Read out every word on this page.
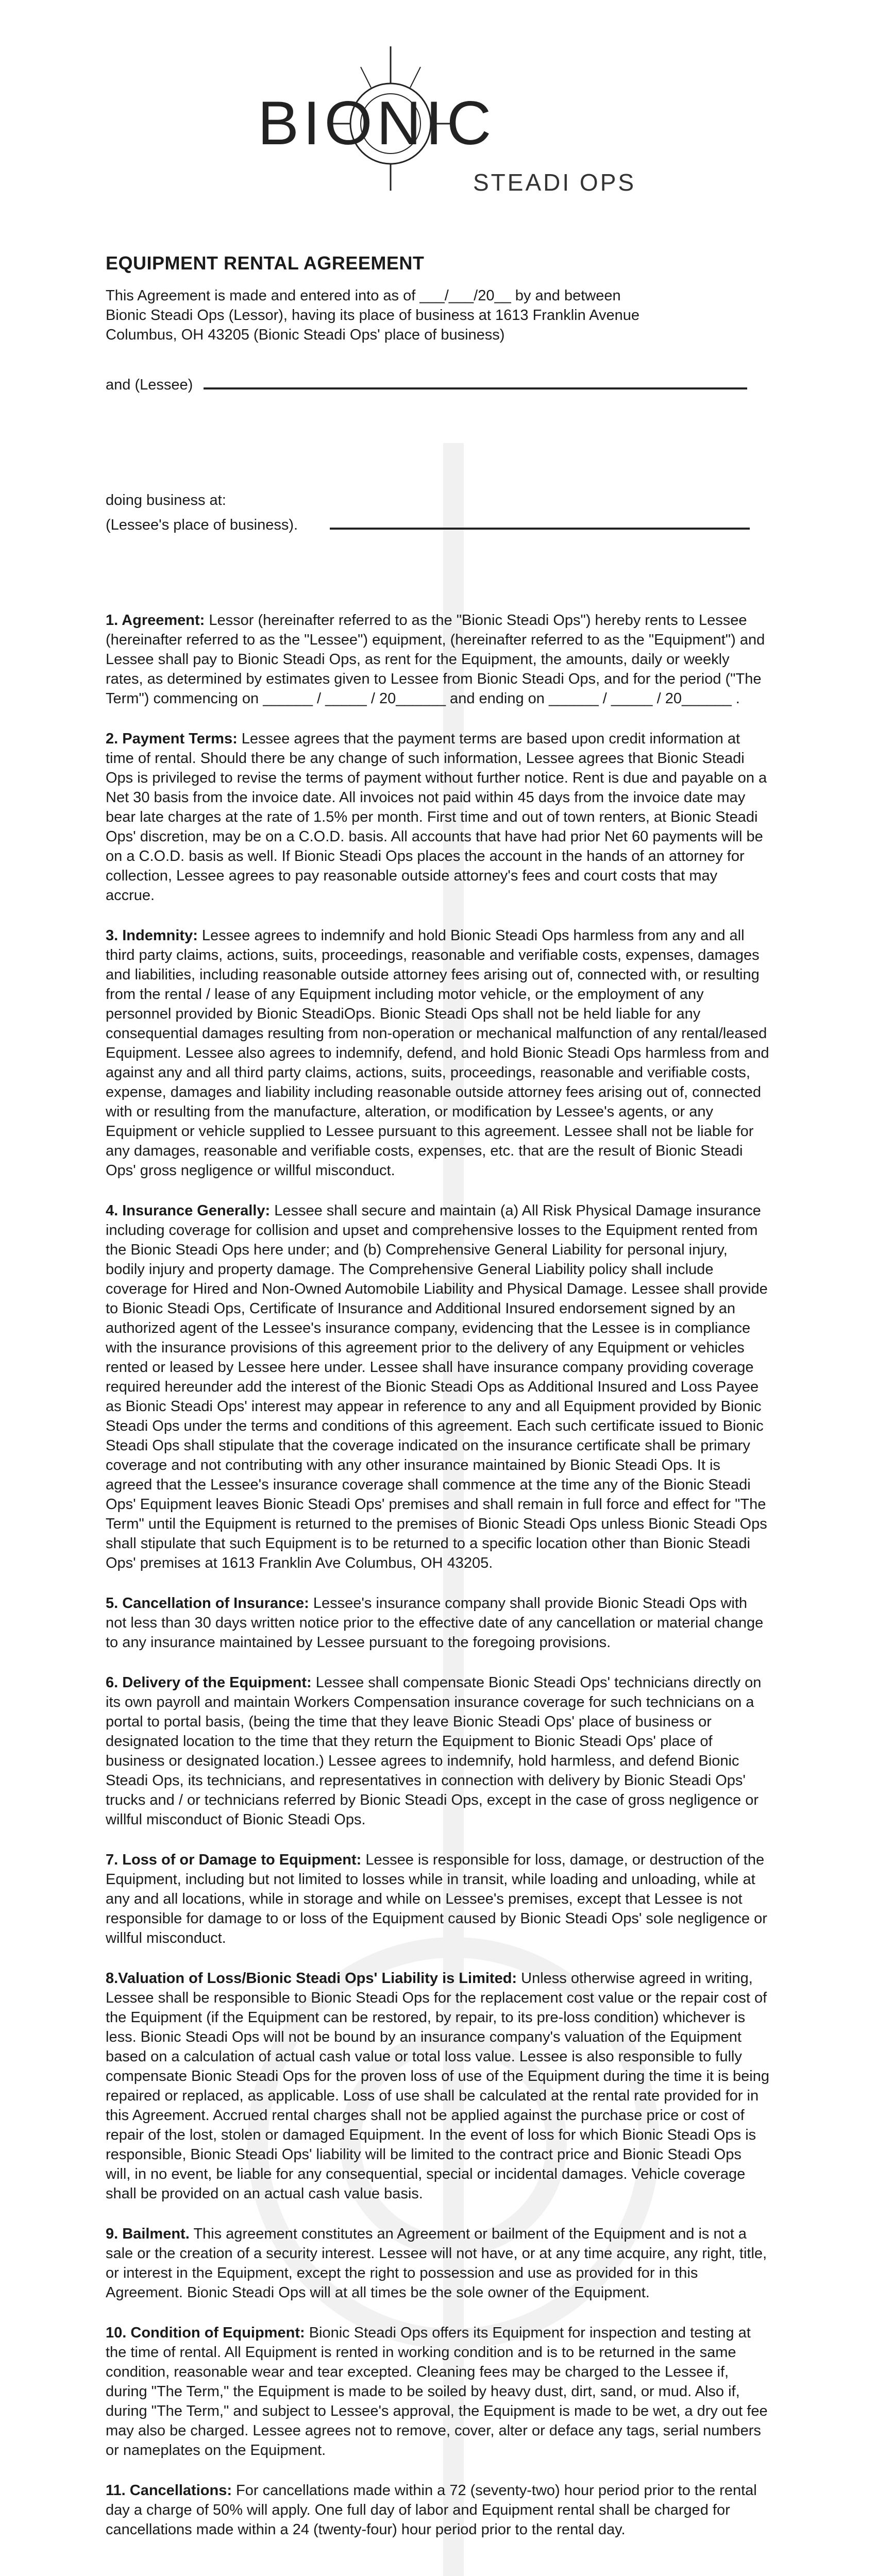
BIONIC
STEADI OPS
EQUIPMENT RENTAL AGREEMENT

This Agreement is made and entered into as of ___/___/20__ by and between

Bionic Steadi Ops (Lessor), having its place of business at 1613 Franklin Avenue

Columbus, OH 43205 (Bionic Steadi Ops' place of business)

and (Lessee)
doing business at:
(Lessee's place of business).

1. Agreement: Lessor (hereinafter referred to as the "Bionic Steadi Ops") hereby rents to Lessee (hereinafter referred to as the "Lessee") equipment, (hereinafter referred to as the "Equipment") and Lessee shall pay to Bionic Steadi Ops, as rent for the Equipment, the amounts, daily or weekly rates, as determined by estimates given to Lessee from Bionic Steadi Ops, and for the period ("The Term") commencing on ______ / _____ / 20______ and ending on ______ / _____ / 20______ .

2. Payment Terms: Lessee agrees that the payment terms are based upon credit information at time of rental. Should there be any change of such information, Lessee agrees that Bionic Steadi Ops is privileged to revise the terms of payment without further notice. Rent is due and payable on a Net 30 basis from the invoice date. All invoices not paid within 45 days from the invoice date may bear late charges at the rate of 1.5% per month. First time and out of town renters, at Bionic Steadi Ops' discretion, may be on a C.O.D. basis. All accounts that have had prior Net 60 payments will be on a C.O.D. basis as well. If Bionic Steadi Ops places the account in the hands of an attorney for collection, Lessee agrees to pay reasonable outside attorney's fees and court costs that may accrue.

3. Indemnity: Lessee agrees to indemnify and hold Bionic Steadi Ops harmless from any and all third party claims, actions, suits, proceedings, reasonable and verifiable costs, expenses, damages and liabilities, including reasonable outside attorney fees arising out of, connected with, or resulting from the rental / lease of any Equipment including motor vehicle, or the employment of any personnel provided by Bionic SteadiOps. Bionic Steadi Ops shall not be held liable for any consequential damages resulting from non-operation or mechanical malfunction of any rental/leased Equipment. Lessee also agrees to indemnify, defend, and hold Bionic Steadi Ops harmless from and against any and all third party claims, actions, suits, proceedings, reasonable and verifiable costs, expense, damages and liability including reasonable outside attorney fees arising out of, connected with or resulting from the manufacture, alteration, or modification by Lessee's agents, or any Equipment or vehicle supplied to Lessee pursuant to this agreement. Lessee shall not be liable for any damages, reasonable and verifiable costs, expenses, etc. that are the result of Bionic Steadi Ops' gross negligence or willful misconduct.

4. Insurance Generally: Lessee shall secure and maintain (a) All Risk Physical Damage insurance including coverage for collision and upset and comprehensive losses to the Equipment rented from the Bionic Steadi Ops here under; and (b) Comprehensive General Liability for personal injury, bodily injury and property damage. The Comprehensive General Liability policy shall include coverage for Hired and Non-Owned Automobile Liability and Physical Damage. Lessee shall provide to Bionic Steadi Ops, Certificate of Insurance and Additional Insured endorsement signed by an authorized agent of the Lessee's insurance company, evidencing that the Lessee is in compliance with the insurance provisions of this agreement prior to the delivery of any Equipment or vehicles rented or leased by Lessee here under. Lessee shall have insurance company providing coverage required hereunder add the interest of the Bionic Steadi Ops as Additional Insured and Loss Payee as Bionic Steadi Ops' interest may appear in reference to any and all Equipment provided by Bionic Steadi Ops under the terms and conditions of this agreement. Each such certificate issued to Bionic Steadi Ops shall stipulate that the coverage indicated on the insurance certificate shall be primary coverage and not contributing with any other insurance maintained by Bionic Steadi Ops. It is agreed that the Lessee's insurance coverage shall commence at the time any of the Bionic Steadi Ops' Equipment leaves Bionic Steadi Ops' premises and shall remain in full force and effect for "The Term" until the Equipment is returned to the premises of Bionic Steadi Ops unless Bionic Steadi Ops shall stipulate that such Equipment is to be returned to a specific location other than Bionic Steadi Ops' premises at 1613 Franklin Ave Columbus, OH 43205.

5. Cancellation of Insurance: Lessee's insurance company shall provide Bionic Steadi Ops with not less than 30 days written notice prior to the effective date of any cancellation or material change to any insurance maintained by Lessee pursuant to the foregoing provisions.

6. Delivery of the Equipment: Lessee shall compensate Bionic Steadi Ops' technicians directly on its own payroll and maintain Workers Compensation insurance coverage for such technicians on a portal to portal basis, (being the time that they leave Bionic Steadi Ops' place of business or designated location to the time that they return the Equipment to Bionic Steadi Ops' place of business or designated location.) Lessee agrees to indemnify, hold harmless, and defend Bionic Steadi Ops, its technicians, and representatives in connection with delivery by Bionic Steadi Ops' trucks and / or technicians referred by Bionic Steadi Ops, except in the case of gross negligence or willful misconduct of Bionic Steadi Ops.

7. Loss of or Damage to Equipment: Lessee is responsible for loss, damage, or destruction of the Equipment, including but not limited to losses while in transit, while loading and unloading, while at any and all locations, while in storage and while on Lessee's premises, except that Lessee is not responsible for damage to or loss of the Equipment caused by Bionic Steadi Ops' sole negligence or willful misconduct.

8.Valuation of Loss/Bionic Steadi Ops' Liability is Limited: Unless otherwise agreed in writing, Lessee shall be responsible to Bionic Steadi Ops for the replacement cost value or the repair cost of the Equipment (if the Equipment can be restored, by repair, to its pre-loss condition) whichever is less. Bionic Steadi Ops will not be bound by an insurance company's valuation of the Equipment based on a calculation of actual cash value or total loss value. Lessee is also responsible to fully compensate Bionic Steadi Ops for the proven loss of use of the Equipment during the time it is being repaired or replaced, as applicable. Loss of use shall be calculated at the rental rate provided for in this Agreement. Accrued rental charges shall not be applied against the purchase price or cost of repair of the lost, stolen or damaged Equipment. In the event of loss for which Bionic Steadi Ops is responsible, Bionic Steadi Ops' liability will be limited to the contract price and Bionic Steadi Ops will, in no event, be liable for any consequential, special or incidental damages. Vehicle coverage shall be provided on an actual cash value basis.

9. Bailment. This agreement constitutes an Agreement or bailment of the Equipment and is not a sale or the creation of a security interest. Lessee will not have, or at any time acquire, any right, title, or interest in the Equipment, except the right to possession and use as provided for in this Agreement. Bionic Steadi Ops will at all times be the sole owner of the Equipment.

10. Condition of Equipment: Bionic Steadi Ops offers its Equipment for inspection and testing at the time of rental. All Equipment is rented in working condition and is to be returned in the same condition, reasonable wear and tear excepted. Cleaning fees may be charged to the Lessee if, during "The Term," the Equipment is made to be soiled by heavy dust, dirt, sand, or mud. Also if, during "The Term," and subject to Lessee's approval, the Equipment is made to be wet, a dry out fee may also be charged. Lessee agrees not to remove, cover, alter or deface any tags, serial numbers or nameplates on the Equipment.

11. Cancellations: For cancellations made within a 72 (seventy-two) hour period prior to the rental day a charge of 50% will apply. One full day of labor and Equipment rental shall be charged for cancellations made within a 24 (twenty-four) hour period prior to the rental day.
